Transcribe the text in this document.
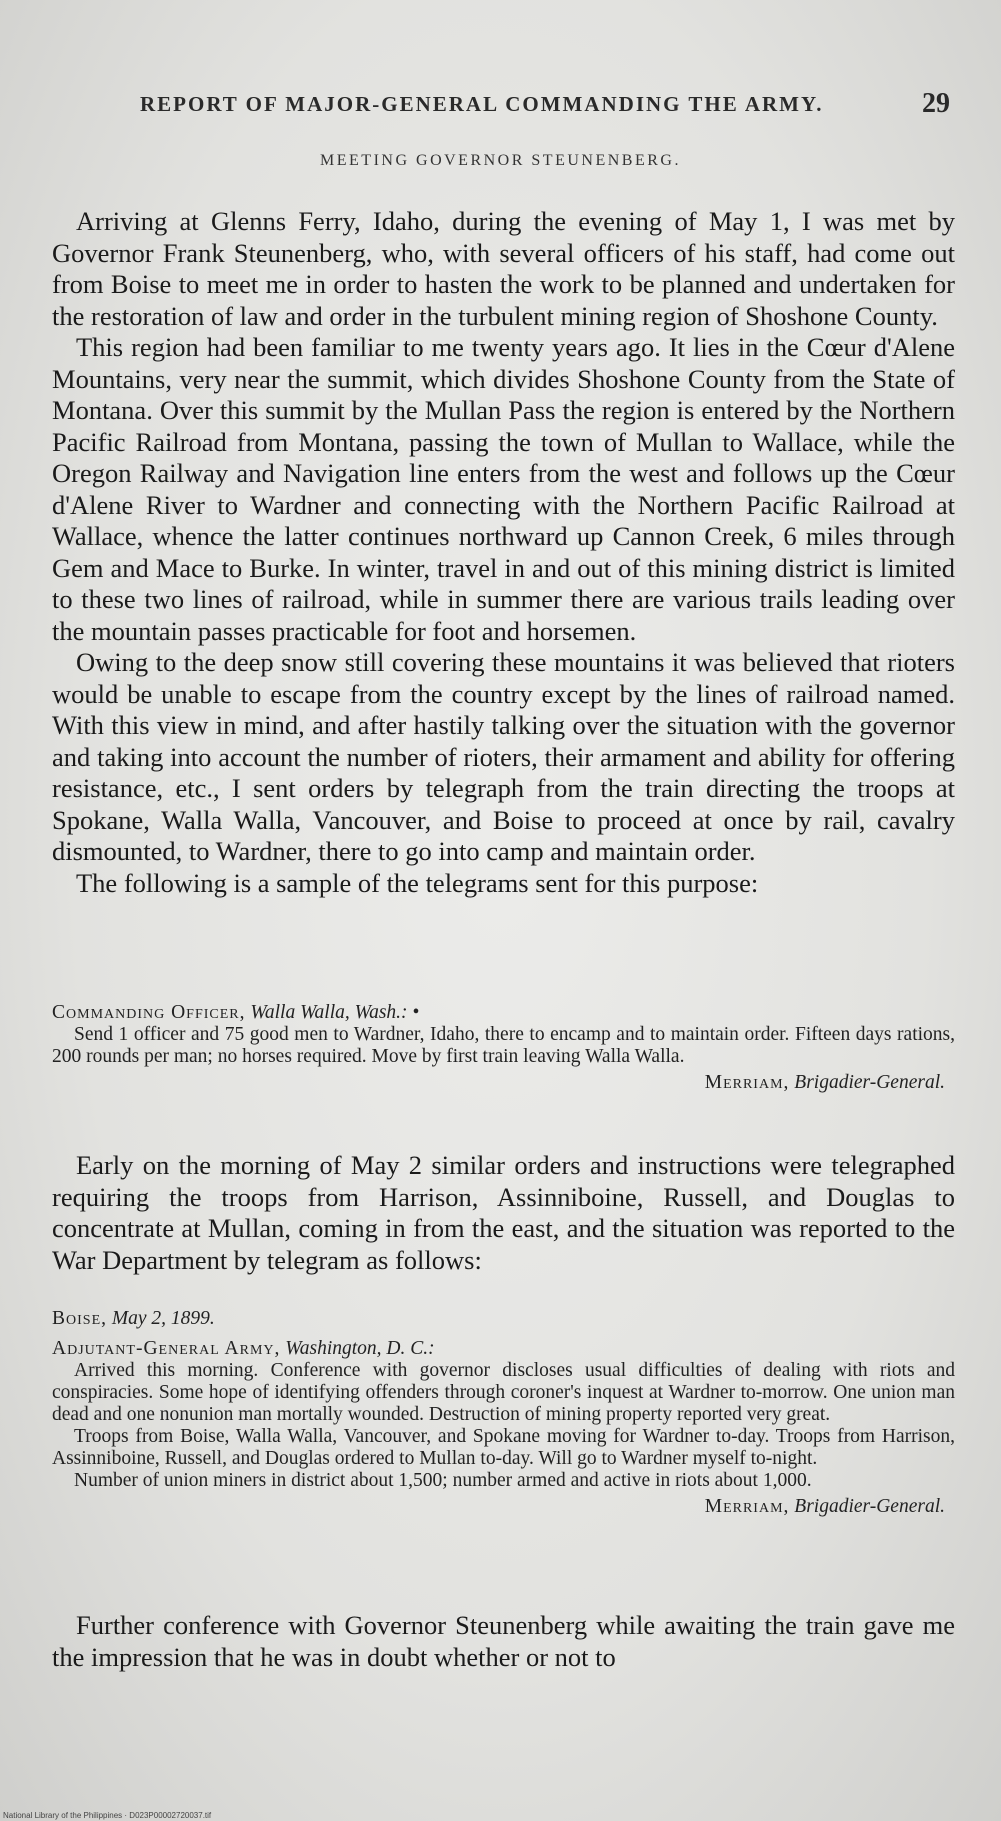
REPORT OF MAJOR-GENERAL COMMANDING THE ARMY.	29
MEETING GOVERNOR STEUNENBERG.

Arriving at Glenns Ferry, Idaho, during the evening of May 1, I was met by Governor Frank Steunenberg, who, with several officers of his staff, had come out from Boise to meet me in order to hasten the work to be planned and undertaken for the restoration of law and order in the turbulent mining region of Shoshone County.

This region had been familiar to me twenty years ago. It lies in the Cœur d'Alene Mountains, very near the summit, which divides Shoshone County from the State of Montana. Over this summit by the Mullan Pass the region is entered by the Northern Pacific Railroad from Montana, passing the town of Mullan to Wallace, while the Oregon Railway and Navigation line enters from the west and follows up the Cœur d'Alene River to Wardner and connecting with the Northern Pacific Railroad at Wallace, whence the latter continues northward up Cannon Creek, 6 miles through Gem and Mace to Burke. In winter, travel in and out of this mining district is limited to these two lines of railroad, while in summer there are various trails leading over the mountain passes practicable for foot and horsemen.

Owing to the deep snow still covering these mountains it was believed that rioters would be unable to escape from the country except by the lines of railroad named. With this view in mind, and after hastily talking over the situation with the governor and taking into account the number of rioters, their armament and ability for offering resistance, etc., I sent orders by telegraph from the train directing the troops at Spokane, Walla Walla, Vancouver, and Boise to proceed at once by rail, cavalry dismounted, to Wardner, there to go into camp and maintain order.

The following is a sample of the telegrams sent for this purpose:

Commanding Officer, Walla Walla, Wash.: •

Send 1 officer and 75 good men to Wardner, Idaho, there to encamp and to maintain order. Fifteen days rations, 200 rounds per man; no horses required. Move by first train leaving Walla Walla.

Merriam, Brigadier-General.

Early on the morning of May 2 similar orders and instructions were telegraphed requiring the troops from Harrison, Assinniboine, Russell, and Douglas to concentrate at Mullan, coming in from the east, and the situation was reported to the War Department by telegram as follows:

Boise, May 2, 1899.

Adjutant-General Army, Washington, D. C.:

Arrived this morning. Conference with governor discloses usual difficulties of dealing with riots and conspiracies. Some hope of identifying offenders through coroner's inquest at Wardner to-morrow. One union man dead and one nonunion man mortally wounded. Destruction of mining property reported very great.

Troops from Boise, Walla Walla, Vancouver, and Spokane moving for Wardner to-day. Troops from Harrison, Assinniboine, Russell, and Douglas ordered to Mullan to-day. Will go to Wardner myself to-night.

Number of union miners in district about 1,500; number armed and active in riots about 1,000.

Merriam, Brigadier-General.

Further conference with Governor Steunenberg while awaiting the train gave me the impression that he was in doubt whether or not to

National Library of the Philippines · D023P00002720037.tif
